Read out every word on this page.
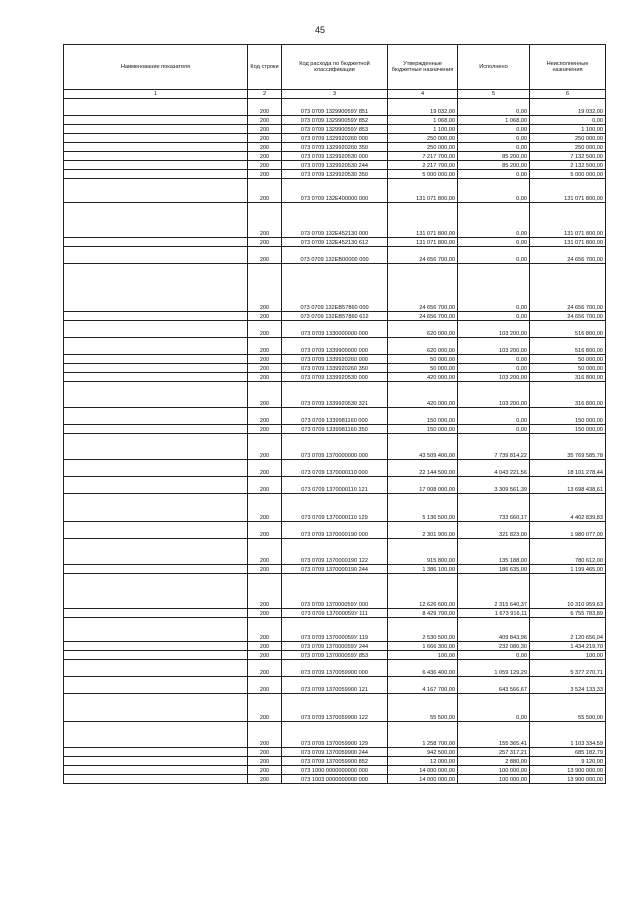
45
Наименование показателя	Код строки	Код расхода по бюджетной классификации	Утвержденные бюджетные назначения	Исполнено	Неисполненные назначения
1	2	3	4	5	6
	200	073 0709 132990059У 851	19 032,00	0,00	19 032,00
	200	073 0709 132990059У 852	1 068,00	1 068,00	0,00
	200	073 0709 132990059У 853	1 100,00	0,00	1 100,00
	200	073 0709 1329920260 000	250 000,00	0,00	250 000,00
	200	073 0709 1329920260 350	250 000,00	0,00	250 000,00
	200	073 0709 1329920530 000	7 217 700,00	85 200,00	7 132 500,00
	200	073 0709 1329920530 244	2 217 700,00	85 200,00	2 132 500,00
	200	073 0709 1329920530 350	5 000 000,00	0,00	5 000 000,00
	200	073 0709 132E400000 000	131 071 800,00	0,00	131 071 800,00
	200	073 0709 132E452130 000	131 071 800,00	0,00	131 071 800,00
	200	073 0709 132E452130 612	131 071 800,00	0,00	131 071 800,00
	200	073 0709 132EB00000 000	24 656 700,00	0,00	24 656 700,00
	200	073 0709 132EB57860 000	24 656 700,00	0,00	24 656 700,00
	200	073 0709 132EB57860 612	24 656 700,00	0,00	24 656 700,00
	200	073 0709 1330000000 000	620 000,00	103 200,00	516 800,00
	200	073 0709 1339900000 000	620 000,00	103 200,00	516 800,00
	200	073 0709 1339920260 000	50 000,00	0,00	50 000,00
	200	073 0709 1339920260 350	50 000,00	0,00	50 000,00
	200	073 0709 1339920530 000	420 000,00	103 200,00	316 800,00
	200	073 0709 1339920530 321	420 000,00	103 200,00	316 800,00
	200	073 0709 1339981160 000	150 000,00	0,00	150 000,00
	200	073 0709 1339981160 350	150 000,00	0,00	150 000,00
	200	073 0709 1370000000 000	43 509 400,00	7 739 814,22	35 769 585,78
	200	073 0709 1370000110 000	22 144 500,00	4 043 221,56	18 101 278,44
	200	073 0709 1370000110 121	17 008 000,00	3 309 561,39	13 698 438,61
	200	073 0709 1370000110 129	5 136 500,00	733 660,17	4 402 839,83
	200	073 0709 1370000190 000	2 301 900,00	321 823,00	1 980 077,00
	200	073 0709 1370000190 122	915 800,00	135 188,00	780 612,00
	200	073 0709 1370000190 244	1 386 100,00	186 635,00	1 199 465,00
	200	073 0709 137000059У 000	12 626 600,00	2 315 640,37	10 310 959,63
	200	073 0709 137000059У 111	8 429 700,00	1 673 916,11	6 755 783,89
	200	073 0709 137000059У 119	2 530 500,00	409 843,96	2 120 656,04
	200	073 0709 137000059У 244	1 666 300,00	232 080,30	1 434 219,70
	200	073 0709 137000059У 853	100,00	0,00	100,00
	200	073 0709 1370059900 000	6 436 400,00	1 059 129,29	5 377 270,71
	200	073 0709 1370059900 121	4 167 700,00	643 566,67	3 524 133,33
	200	073 0709 1370059900 122	55 500,00	0,00	55 500,00
	200	073 0709 1370059900 129	1 258 700,00	155 365,41	1 103 334,59
	200	073 0709 1370059900 244	942 500,00	257 317,21	685 182,79
	200	073 0709 1370059900 852	12 000,00	2 880,00	9 120,00
	200	073 1000 0000000000 000	14 000 000,00	100 000,00	13 900 000,00
	200	073 1003 0000000000 000	14 000 000,00	100 000,00	13 900 000,00
